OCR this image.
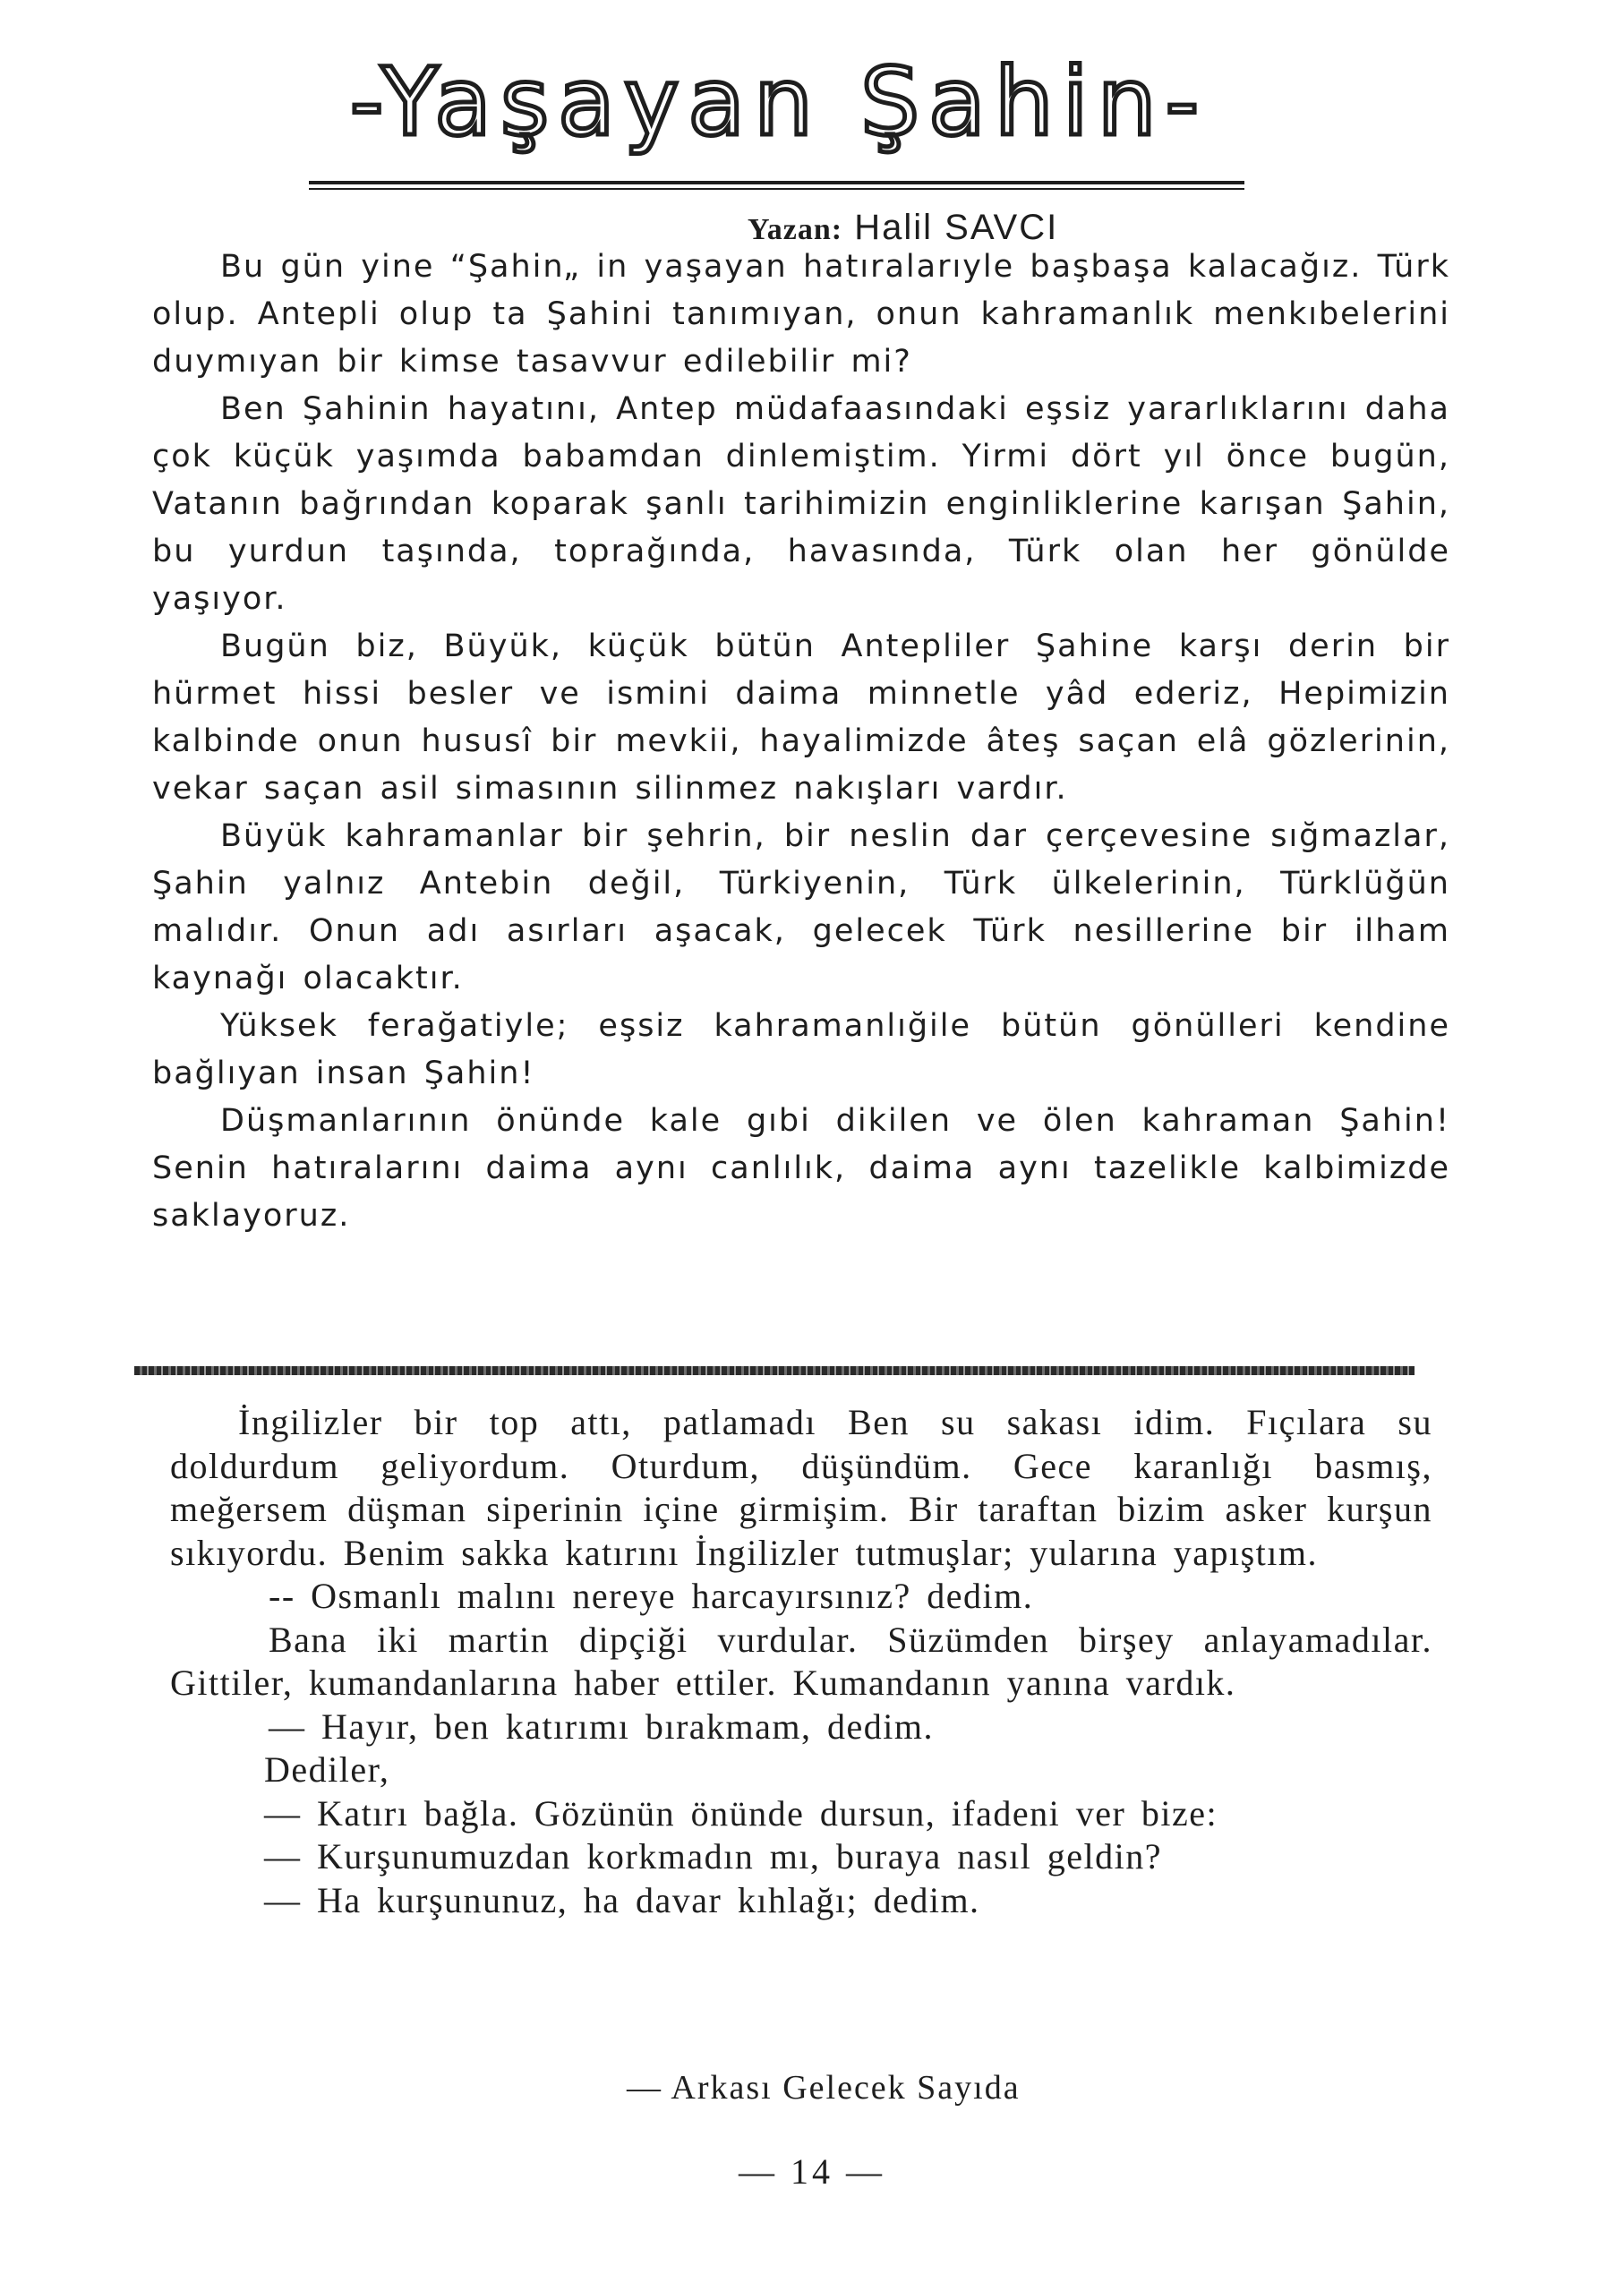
-Yaşayan Şahin-
Yazan: Halil SAVCI

Bu gün yine “Şahin„ in yaşayan hatıralarıyle başbaşa kalacağız. Türk olup. Antepli olup ta Şahini tanımıyan, onun kahramanlık menkıbelerini duymıyan bir kimse tasavvur edilebilir mi?

Ben Şahinin hayatını, Antep müdafaasındaki eşsiz yararlıklarını daha çok küçük yaşımda babamdan dinlemiştim. Yirmi dört yıl önce bugün, Vatanın bağrından koparak şanlı tarihimizin enginliklerine karışan Şahin, bu yurdun taşında, toprağında, havasında, Türk olan her gönülde yaşıyor.

Bugün biz, Büyük, küçük bütün Antepliler Şahine karşı derin bir hürmet hissi besler ve ismini daima minnetle yâd ederiz, Hepimizin kalbinde onun hususî bir mevkii, hayalimizde âteş saçan elâ gözlerinin, vekar saçan asil simasının silinmez nakışları vardır.

Büyük kahramanlar bir şehrin, bir neslin dar çerçevesine sığmazlar, Şahin yalnız Antebin değil, Türkiyenin, Türk ülkelerinin, Türklüğün malıdır. Onun adı asırları aşacak, gelecek Türk nesillerine bir ilham kaynağı olacaktır.

Yüksek ferağatiyle; eşsiz kahramanlığile bütün gönülleri kendine bağlıyan insan Şahin!

Düşmanlarının önünde kale gıbi dikilen ve ölen kahraman Şahin! Senin hatıralarını daima aynı canlılık, daima aynı tazelikle kalbimizde saklayoruz.

İngilizler bir top attı, patlamadı Ben su sakası idim. Fıçılara su doldurdum geliyordum. Oturdum, düşündüm. Gece karanlığı basmış, meğersem düşman siperinin içine girmişim. Bir taraftan bizim asker kurşun sıkıyordu. Benim sakka katırını İngilizler tutmuşlar; yularına yapıştım.

-- Osmanlı malını nereye harcayırsınız? dedim.

Bana iki martin dipçiği vurdular. Süzümden birşey anlayamadılar. Gittiler, kumandanlarına haber ettiler. Kumandanın yanına vardık.

— Hayır, ben katırımı bırakmam, dedim.

Dediler,

— Katırı bağla. Gözünün önünde dursun, ifadeni ver bize:

— Kurşunumuzdan korkmadın mı, buraya nasıl geldin?

— Ha kurşununuz, ha davar kıhlağı; dedim.

— Arkası Gelecek Sayıda
— 14 —
